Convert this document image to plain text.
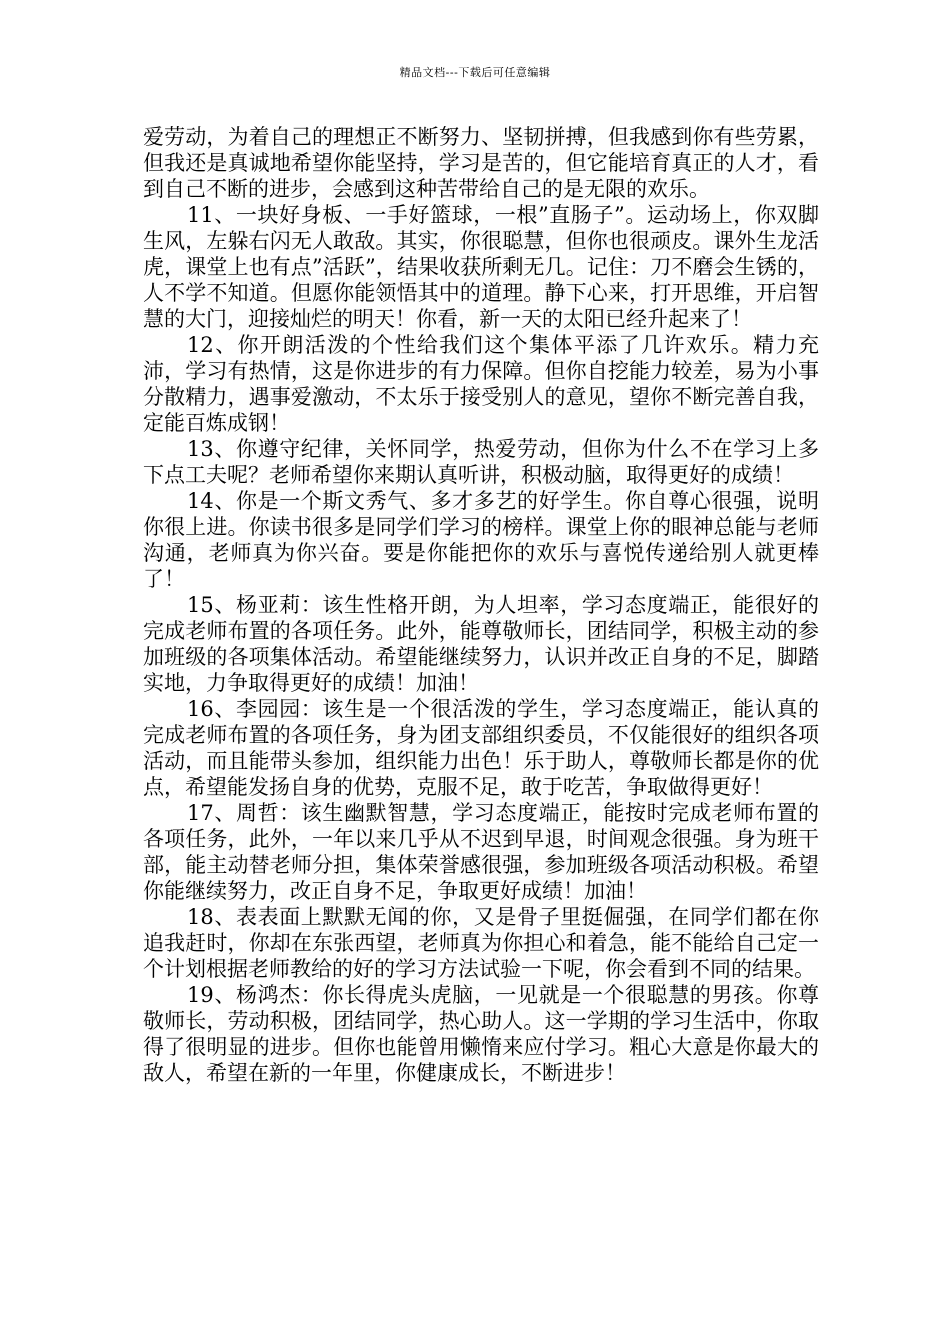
精品文档---下载后可任意编辑

爱劳动，为着自己的理想正不断努力、坚韧拼搏，但我感到你有些劳累，但我还是真诚地希望你能坚持，学习是苦的，但它能培育真正的人才，看到自己不断的进步，会感到这种苦带给自己的是无限的欢乐。

11、一块好身板、一手好篮球，一根”直肠子”。运动场上，你双脚生风，左躲右闪无人敢敌。其实，你很聪慧，但你也很顽皮。课外生龙活虎，课堂上也有点”活跃”，结果收获所剩无几。记住：刀不磨会生锈的，人不学不知道。但愿你能领悟其中的道理。静下心来，打开思维，开启智慧的大门，迎接灿烂的明天！你看，新一天的太阳已经升起来了！

12、你开朗活泼的个性给我们这个集体平添了几许欢乐。精力充沛，学习有热情，这是你进步的有力保障。但你自挖能力较差，易为小事分散精力，遇事爱激动，不太乐于接受别人的意见，望你不断完善自我，定能百炼成钢！

13、你遵守纪律，关怀同学，热爱劳动，但你为什么不在学习上多下点工夫呢？老师希望你来期认真听讲，积极动脑，取得更好的成绩！

14、你是一个斯文秀气、多才多艺的好学生。你自尊心很强，说明你很上进。你读书很多是同学们学习的榜样。课堂上你的眼神总能与老师沟通，老师真为你兴奋。要是你能把你的欢乐与喜悦传递给别人就更棒了！

15、杨亚莉：该生性格开朗，为人坦率，学习态度端正，能很好的完成老师布置的各项任务。此外，能尊敬师长，团结同学，积极主动的参加班级的各项集体活动。希望能继续努力，认识并改正自身的不足，脚踏实地，力争取得更好的成绩！加油！

16、李园园：该生是一个很活泼的学生，学习态度端正，能认真的完成老师布置的各项任务，身为团支部组织委员，不仅能很好的组织各项活动，而且能带头参加，组织能力出色！乐于助人，尊敬师长都是你的优点，希望能发扬自身的优势，克服不足，敢于吃苦，争取做得更好！

17、周哲：该生幽默智慧，学习态度端正，能按时完成老师布置的各项任务，此外，一年以来几乎从不迟到早退，时间观念很强。身为班干部，能主动替老师分担，集体荣誉感很强，参加班级各项活动积极。希望你能继续努力，改正自身不足，争取更好成绩！加油！

18、表表面上默默无闻的你，又是骨子里挺倔强，在同学们都在你追我赶时，你却在东张西望，老师真为你担心和着急，能不能给自己定一个计划根据老师教给的好的学习方法试验一下呢，你会看到不同的结果。

19、杨鸿杰：你长得虎头虎脑，一见就是一个很聪慧的男孩。你尊敬师长，劳动积极，团结同学，热心助人。这一学期的学习生活中，你取得了很明显的进步。但你也能曾用懒惰来应付学习。粗心大意是你最大的敌人，希望在新的一年里，你健康成长，不断进步！
